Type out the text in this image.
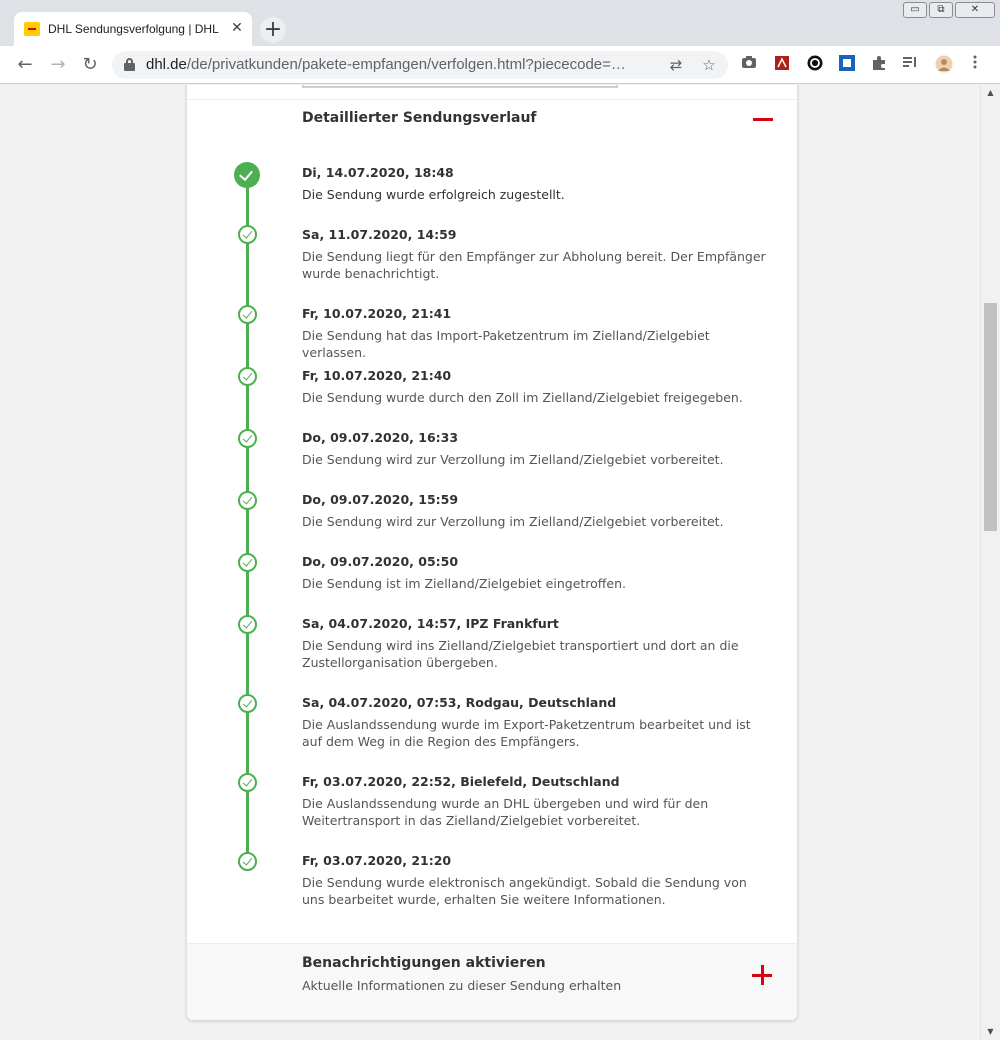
DHL Sendungsverfolgung | DHL ✕ +
▭	⧉	✕
← → ↻	dhl.de/de/privatkunden/pakete-empfangen/verfolgen.html?piececode=…	⇄ ☆
Detaillierter Sendungsverlauf
Di, 14.07.2020, 18:48
Die Sendung wurde erfolgreich zugestellt.
Sa, 11.07.2020, 14:59
Die Sendung liegt für den Empfänger zur Abholung bereit. Der Empfänger wurde benachrichtigt.
Fr, 10.07.2020, 21:41
Die Sendung hat das Import-Paketzentrum im Zielland/Zielgebiet verlassen.
Fr, 10.07.2020, 21:40
Die Sendung wurde durch den Zoll im Zielland/Zielgebiet freigegeben.
Do, 09.07.2020, 16:33
Die Sendung wird zur Verzollung im Zielland/Zielgebiet vorbereitet.
Do, 09.07.2020, 15:59
Die Sendung wird zur Verzollung im Zielland/Zielgebiet vorbereitet.
Do, 09.07.2020, 05:50
Die Sendung ist im Zielland/Zielgebiet eingetroffen.
Sa, 04.07.2020, 14:57, IPZ Frankfurt
Die Sendung wird ins Zielland/Zielgebiet transportiert und dort an die Zustellorganisation übergeben.
Sa, 04.07.2020, 07:53, Rodgau, Deutschland
Die Auslandssendung wurde im Export-Paketzentrum bearbeitet und ist auf dem Weg in die Region des Empfängers.
Fr, 03.07.2020, 22:52, Bielefeld, Deutschland
Die Auslandssendung wurde an DHL übergeben und wird für den Weitertransport in das Zielland/Zielgebiet vorbereitet.
Fr, 03.07.2020, 21:20
Die Sendung wurde elektronisch angekündigt. Sobald die Sendung von uns bearbeitet wurde, erhalten Sie weitere Informationen.
Benachrichtigungen aktivieren
Aktuelle Informationen zu dieser Sendung erhalten
▲
▼
